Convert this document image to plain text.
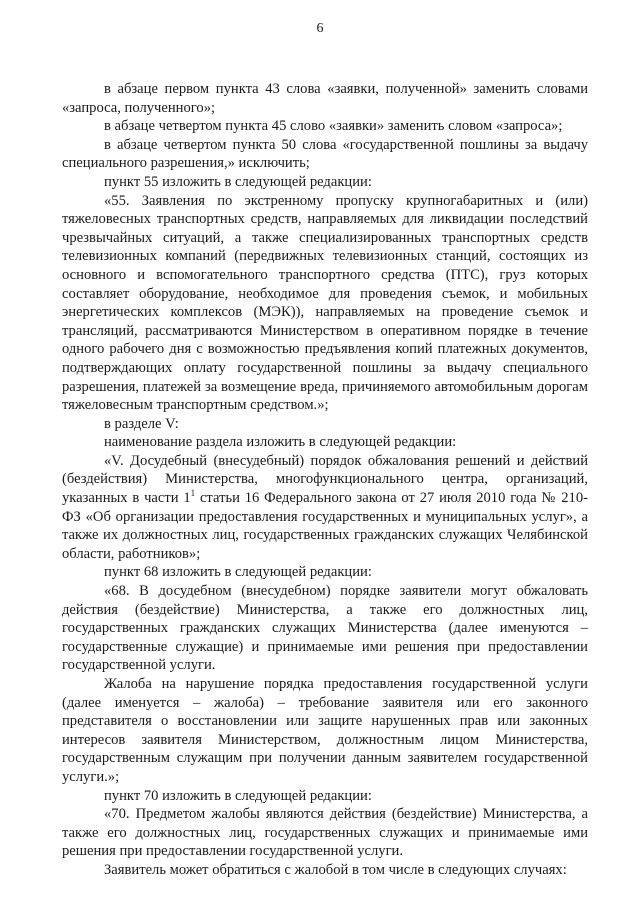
6

в абзаце первом пункта 43 слова «заявки, полученной» заменить словами «запроса, полученного»;

в абзаце четвертом пункта 45 слово «заявки» заменить словом «запроса»;

в абзаце четвертом пункта 50 слова «государственной пошлины за выдачу специального разрешения,» исключить;

пункт 55 изложить в следующей редакции:

«55. Заявления по экстренному пропуску крупногабаритных и (или) тяжеловесных транспортных средств, направляемых для ликвидации последствий чрезвычайных ситуаций, а также специализированных транспортных средств телевизионных компаний (передвижных телевизионных станций, состоящих из основного и вспомогательного транспортного средства (ПТС), груз которых составляет оборудование, необходимое для проведения съемок, и мобильных энергетических комплексов (МЭК)), направляемых на проведение съемок и трансляций, рассматриваются Министерством в оперативном порядке в течение одного рабочего дня с возможностью предъявления копий платежных документов, подтверждающих оплату государственной пошлины за выдачу специального разрешения, платежей за возмещение вреда, причиняемого автомобильным дорогам тяжеловесным транспортным средством.»;

в разделе V:

наименование раздела изложить в следующей редакции:

«V. Досудебный (внесудебный) порядок обжалования решений и действий (бездействия) Министерства, многофункционального центра, организаций, указанных в части $1^1$ статьи 16 Федерального закона от 27 июля 2010 года № 210-ФЗ «Об организации предоставления государственных и муниципальных услуг», а также их должностных лиц, государственных гражданских служащих Челябинской области, работников»;

пункт 68 изложить в следующей редакции:

«68. В досудебном (внесудебном) порядке заявители могут обжаловать действия (бездействие) Министерства, а также его должностных лиц, государственных гражданских служащих Министерства (далее именуются – государственные служащие) и принимаемые ими решения при предоставлении государственной услуги.

Жалоба на нарушение порядка предоставления государственной услуги (далее именуется – жалоба) – требование заявителя или его законного представителя о восстановлении или защите нарушенных прав или законных интересов заявителя Министерством, должностным лицом Министерства, государственным служащим при получении данным заявителем государственной услуги.»;

пункт 70 изложить в следующей редакции:

«70. Предметом жалобы являются действия (бездействие) Министерства, а также его должностных лиц, государственных служащих и принимаемые ими решения при предоставлении государственной услуги.

Заявитель может обратиться с жалобой в том числе в следующих случаях:
